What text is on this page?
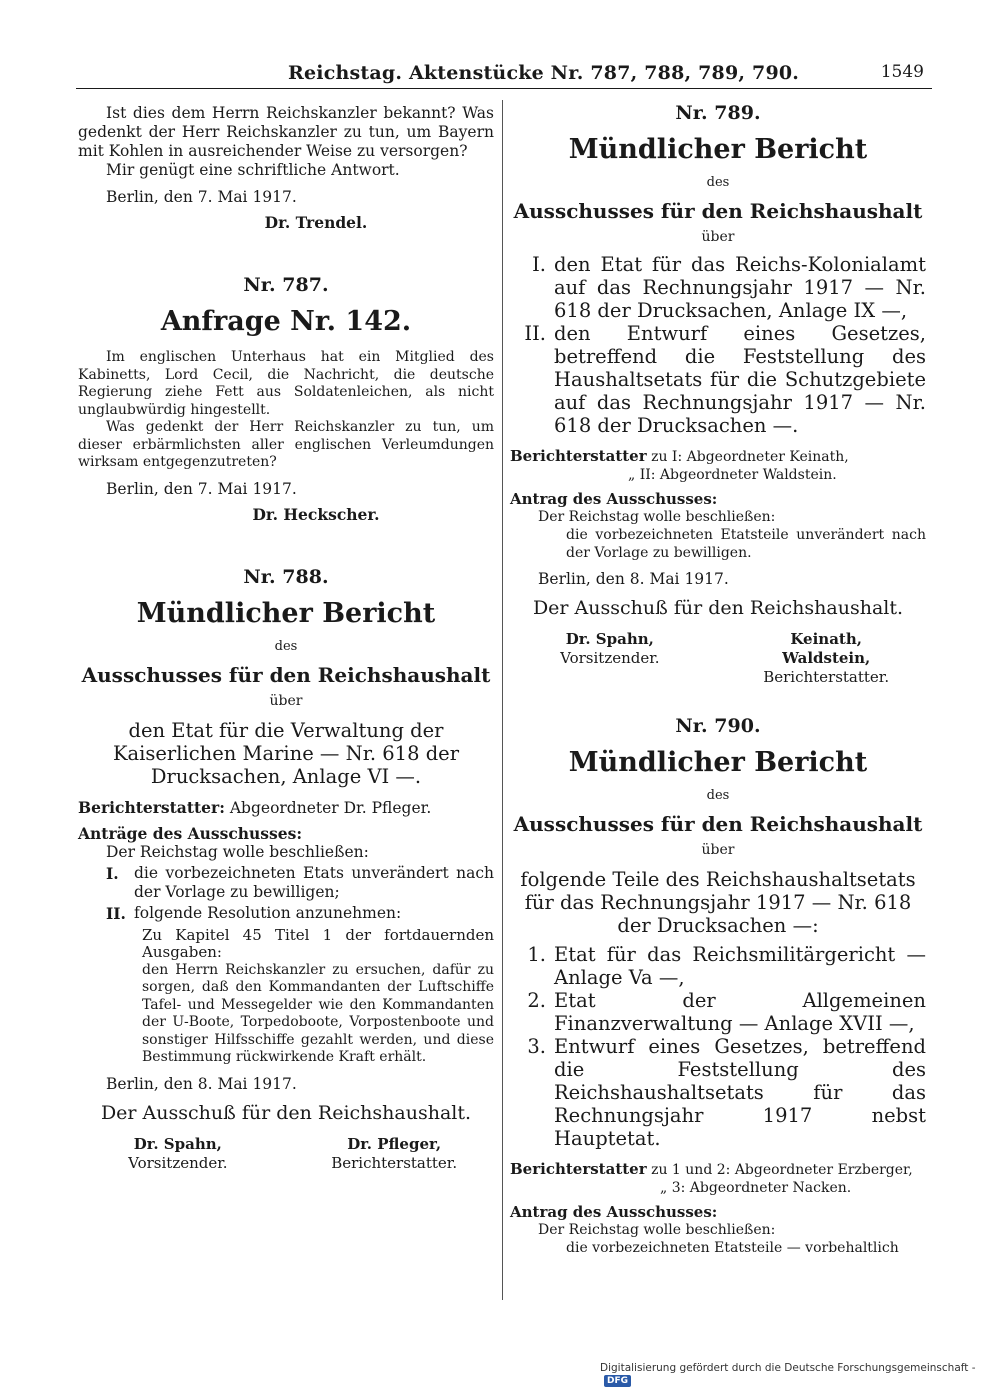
Reichstag. Aktenstücke Nr. 787, 788, 789, 790.	1549

Ist dies dem Herrn Reichskanzler bekannt? Was gedenkt der Herr Reichskanzler zu tun, um Bayern mit Kohlen in ausreichender Weise zu versorgen?

Mir genügt eine schriftliche Antwort.

Berlin, den 7. Mai 1917.

Dr. Trendel.

Nr. 787.
Anfrage Nr. 142.

Im englischen Unterhaus hat ein Mitglied des Kabinetts, Lord Cecil, die Nachricht, die deutsche Regierung ziehe Fett aus Soldatenleichen, als nicht unglaubwürdig hingestellt.

Was gedenkt der Herr Reichskanzler zu tun, um dieser erbärmlichsten aller englischen Verleumdungen wirksam entgegenzutreten?

Berlin, den 7. Mai 1917.

Dr. Heckscher.

Nr. 788.
Mündlicher Bericht
des
Ausschusses für den Reichshaushalt
über
den Etat für die Verwaltung der Kaiserlichen Marine — Nr. 618 der Drucksachen, Anlage VI —.

Berichterstatter: Abgeordneter Dr. Pfleger.

Anträge des Ausschusses:

Der Reichstag wolle beschließen:

I. die vorbezeichneten Etats unverändert nach der Vorlage zu bewilligen;
II. folgende Resolution anzunehmen:

Zu Kapitel 45 Titel 1 der fortdauernden Ausgaben:

den Herrn Reichskanzler zu ersuchen, dafür zu sorgen, daß den Kommandanten der Luftschiffe Tafel- und Messegelder wie den Kommandanten der U-Boote, Torpedoboote, Vorpostenboote und sonstiger Hilfsschiffe gezahlt werden, und diese Bestimmung rückwirkende Kraft erhält.

Berlin, den 8. Mai 1917.

Der Ausschuß für den Reichshaushalt.
Dr. Spahn,
Vorsitzender.
Dr. Pfleger,
Berichterstatter.
Nr. 789.
Mündlicher Bericht
des
Ausschusses für den Reichshaushalt
über
I. den Etat für das Reichs-Kolonialamt auf das Rechnungsjahr 1917 — Nr. 618 der Drucksachen, Anlage IX —,
II. den Entwurf eines Gesetzes, betreffend die Feststellung des Haushaltsetats für die Schutzgebiete auf das Rechnungsjahr 1917 — Nr. 618 der Drucksachen —.

Berichterstatter zu I: Abgeordneter Keinath,

„ II: Abgeordneter Waldstein.

Antrag des Ausschusses:

Der Reichstag wolle beschließen:

die vorbezeichneten Etatsteile unverändert nach der Vorlage zu bewilligen.

Berlin, den 8. Mai 1917.

Der Ausschuß für den Reichshaushalt.
Dr. Spahn,
Vorsitzender.
Keinath,
Waldstein,
Berichterstatter.
Nr. 790.
Mündlicher Bericht
des
Ausschusses für den Reichshaushalt
über
folgende Teile des Reichshaushaltsetats für das Rechnungsjahr 1917 — Nr. 618 der Drucksachen —:
1. Etat für das Reichsmilitärgericht — Anlage Va —,
2. Etat der Allgemeinen Finanzverwaltung — Anlage XVII —,
3. Entwurf eines Gesetzes, betreffend die Feststellung des Reichshaushaltsetats für das Rechnungsjahr 1917 nebst Hauptetat.

Berichterstatter zu 1 und 2: Abgeordneter Erzberger,

„ 3: Abgeordneter Nacken.

Antrag des Ausschusses:

Der Reichstag wolle beschließen:

die vorbezeichneten Etatsteile — vorbehaltlich

Digitalisierung gefördert durch die Deutsche Forschungsgemeinschaft -DFG
